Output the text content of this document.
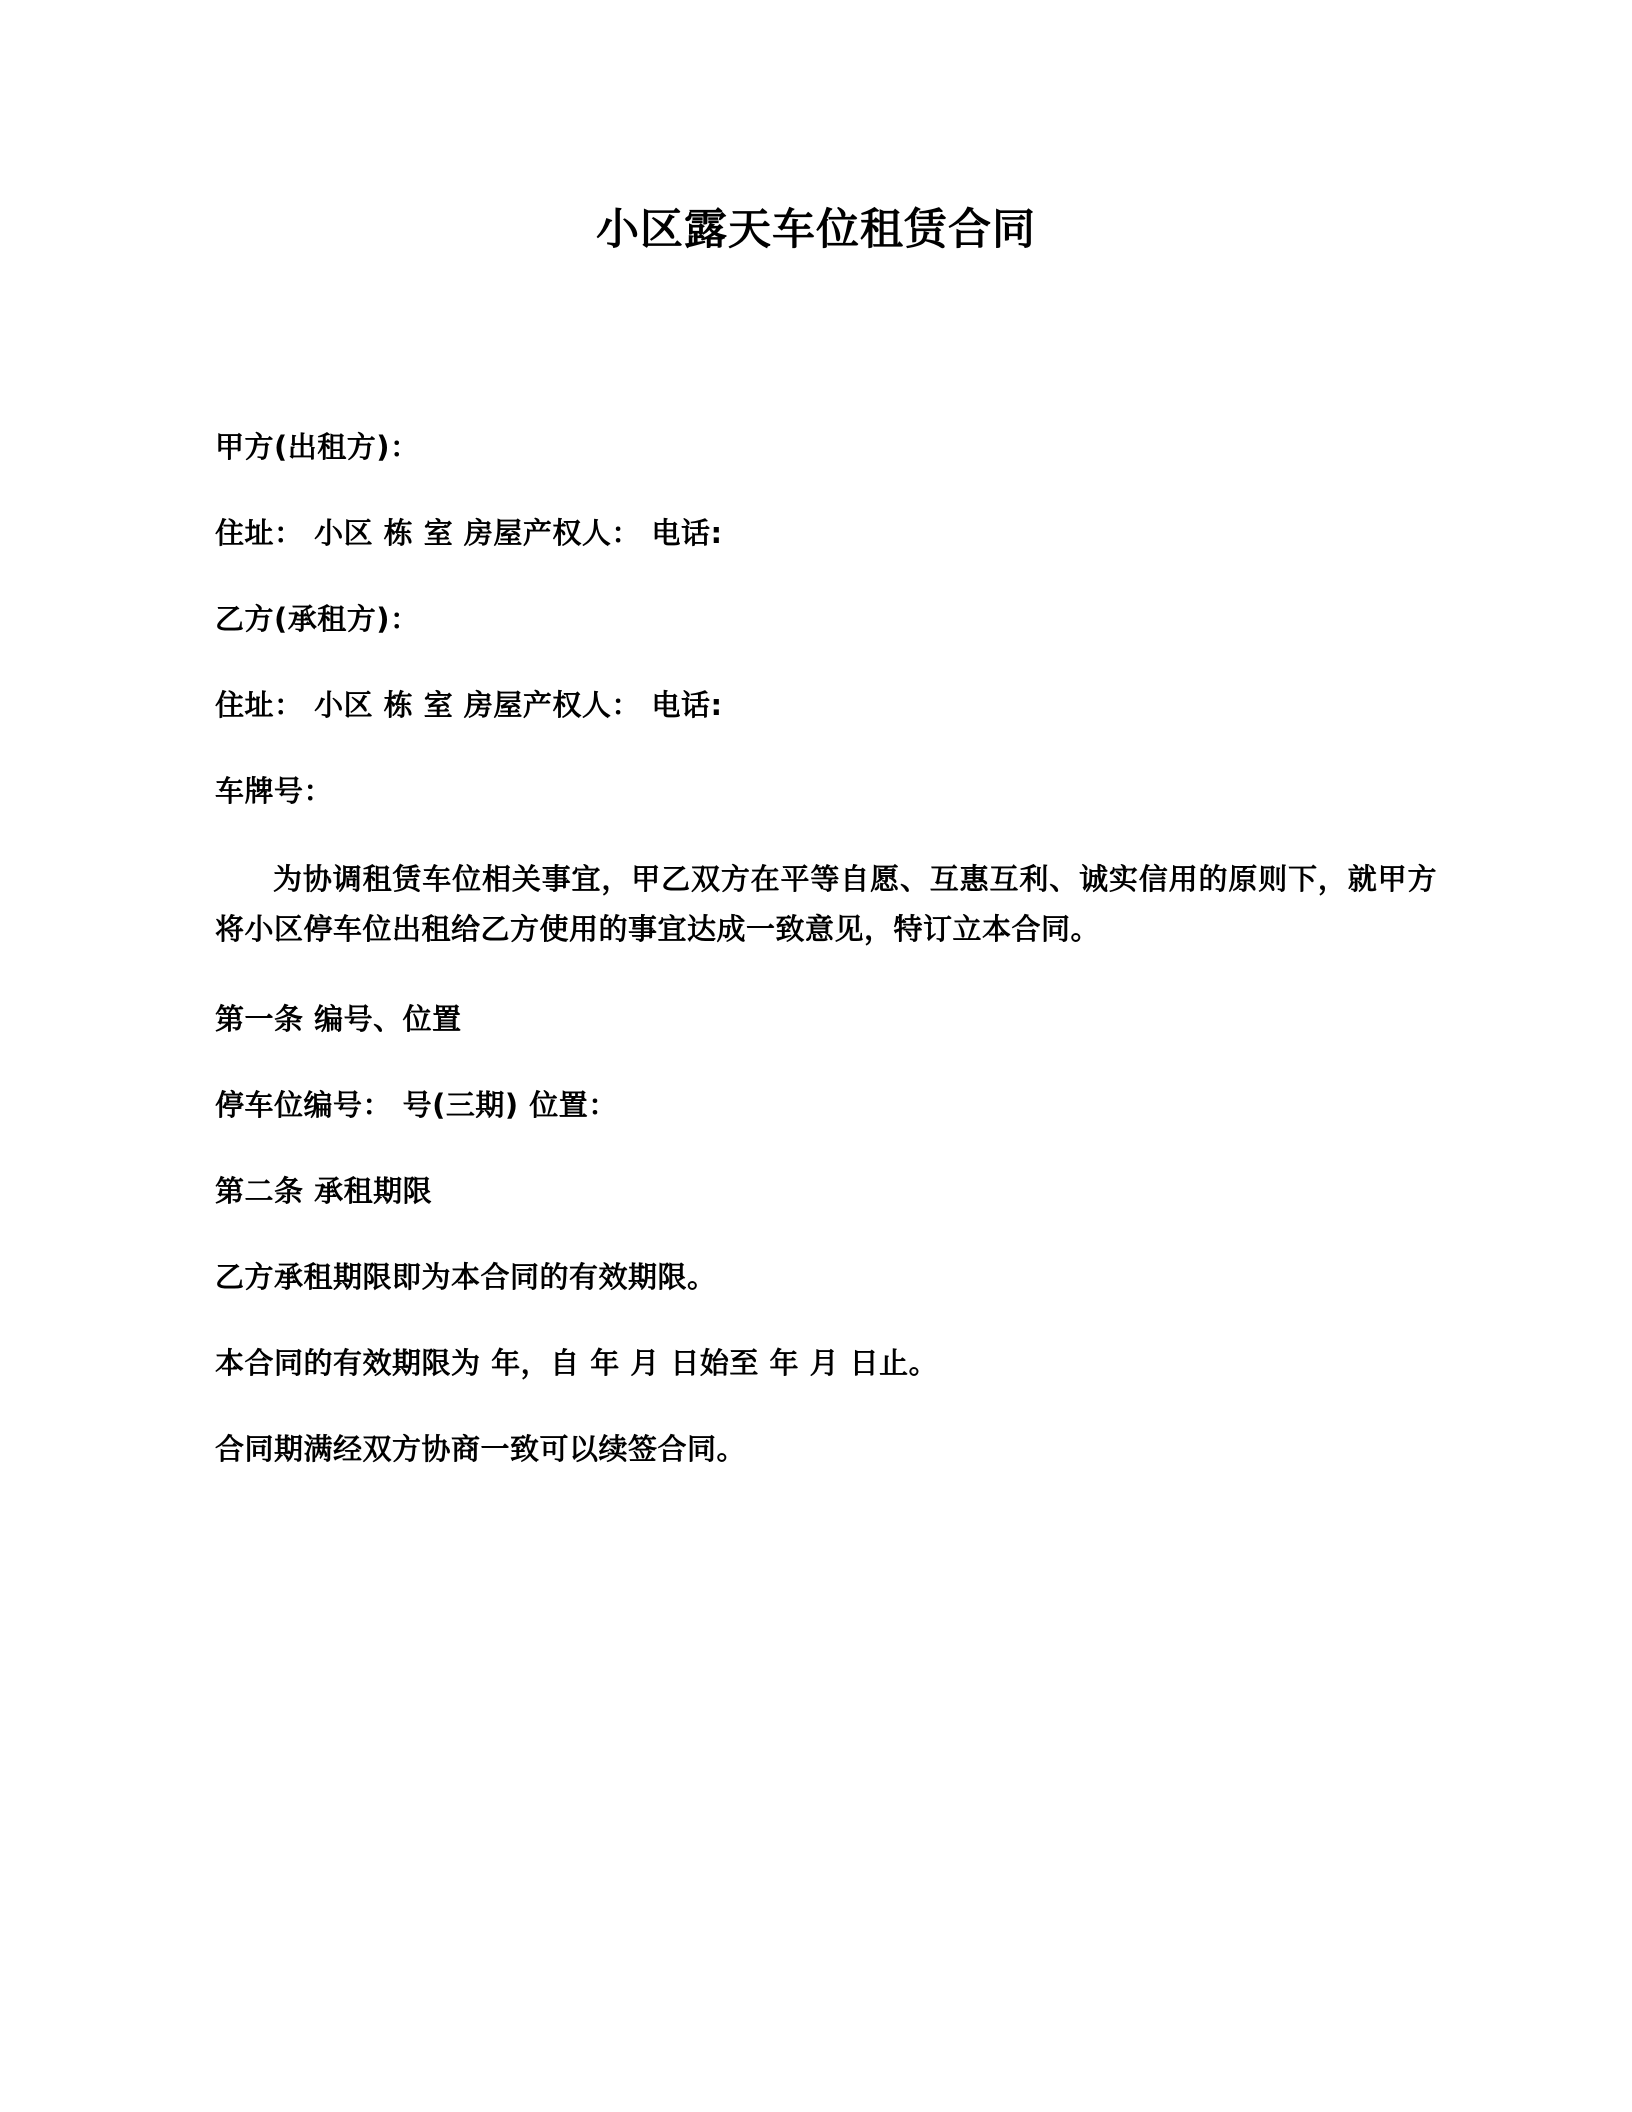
小区露天车位租赁合同

甲方(出租方)：

住址： 小区 栋 室 房屋产权人： 电话:

乙方(承租方)：

住址： 小区 栋 室 房屋产权人： 电话:

车牌号：

为协调租赁车位相关事宜，甲乙双方在平等自愿、互惠互利、诚实信用的原则下，就甲方将小区停车位出租给乙方使用的事宜达成一致意见，特订立本合同。

第一条 编号、位置

停车位编号： 号(三期) 位置：

第二条 承租期限

乙方承租期限即为本合同的有效期限。

本合同的有效期限为 年，自 年 月 日始至 年 月 日止。

合同期满经双方协商一致可以续签合同。
